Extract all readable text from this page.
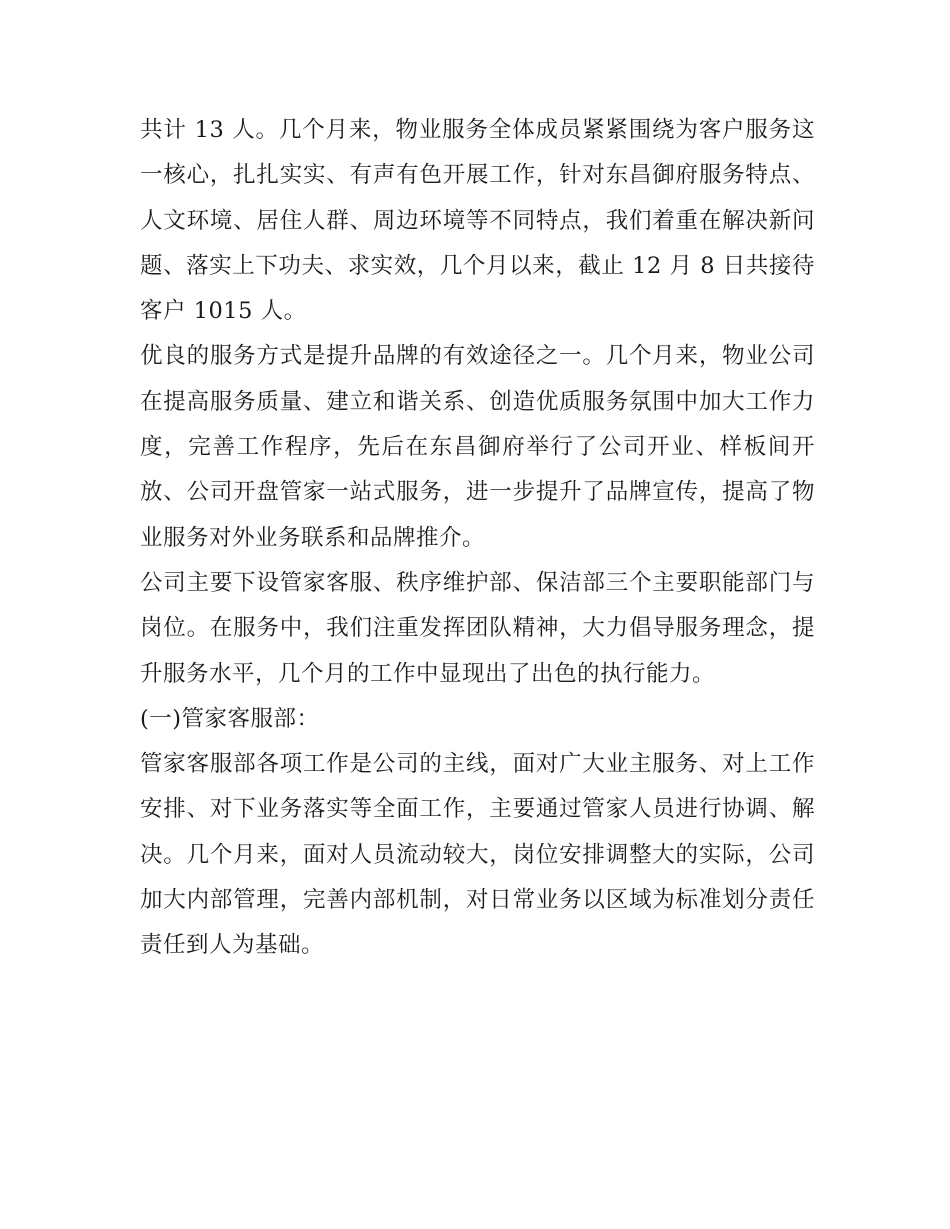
共计 13 人。几个月来，物业服务全体成员紧紧围绕为客户服务这一核心，扎扎实实、有声有色开展工作，针对东昌御府服务特点、人文环境、居住人群、周边环境等不同特点，我们着重在解决新问题、落实上下功夫、求实效，几个月以来，截止 12 月 8 日共接待客户 1015 人。

优良的服务方式是提升品牌的有效途径之一。几个月来，物业公司在提高服务质量、建立和谐关系、创造优质服务氛围中加大工作力度，完善工作程序，先后在东昌御府举行了公司开业、样板间开放、公司开盘管家一站式服务，进一步提升了品牌宣传，提高了物业服务对外业务联系和品牌推介。

公司主要下设管家客服、秩序维护部、保洁部三个主要职能部门与岗位。在服务中，我们注重发挥团队精神，大力倡导服务理念，提升服务水平，几个月的工作中显现出了出色的执行能力。

(一)管家客服部：

管家客服部各项工作是公司的主线，面对广大业主服务、对上工作安排、对下业务落实等全面工作，主要通过管家人员进行协调、解决。几个月来，面对人员流动较大，岗位安排调整大的实际，公司加大内部管理，完善内部机制，对日常业务以区域为标准划分责任责任到人为基础。
